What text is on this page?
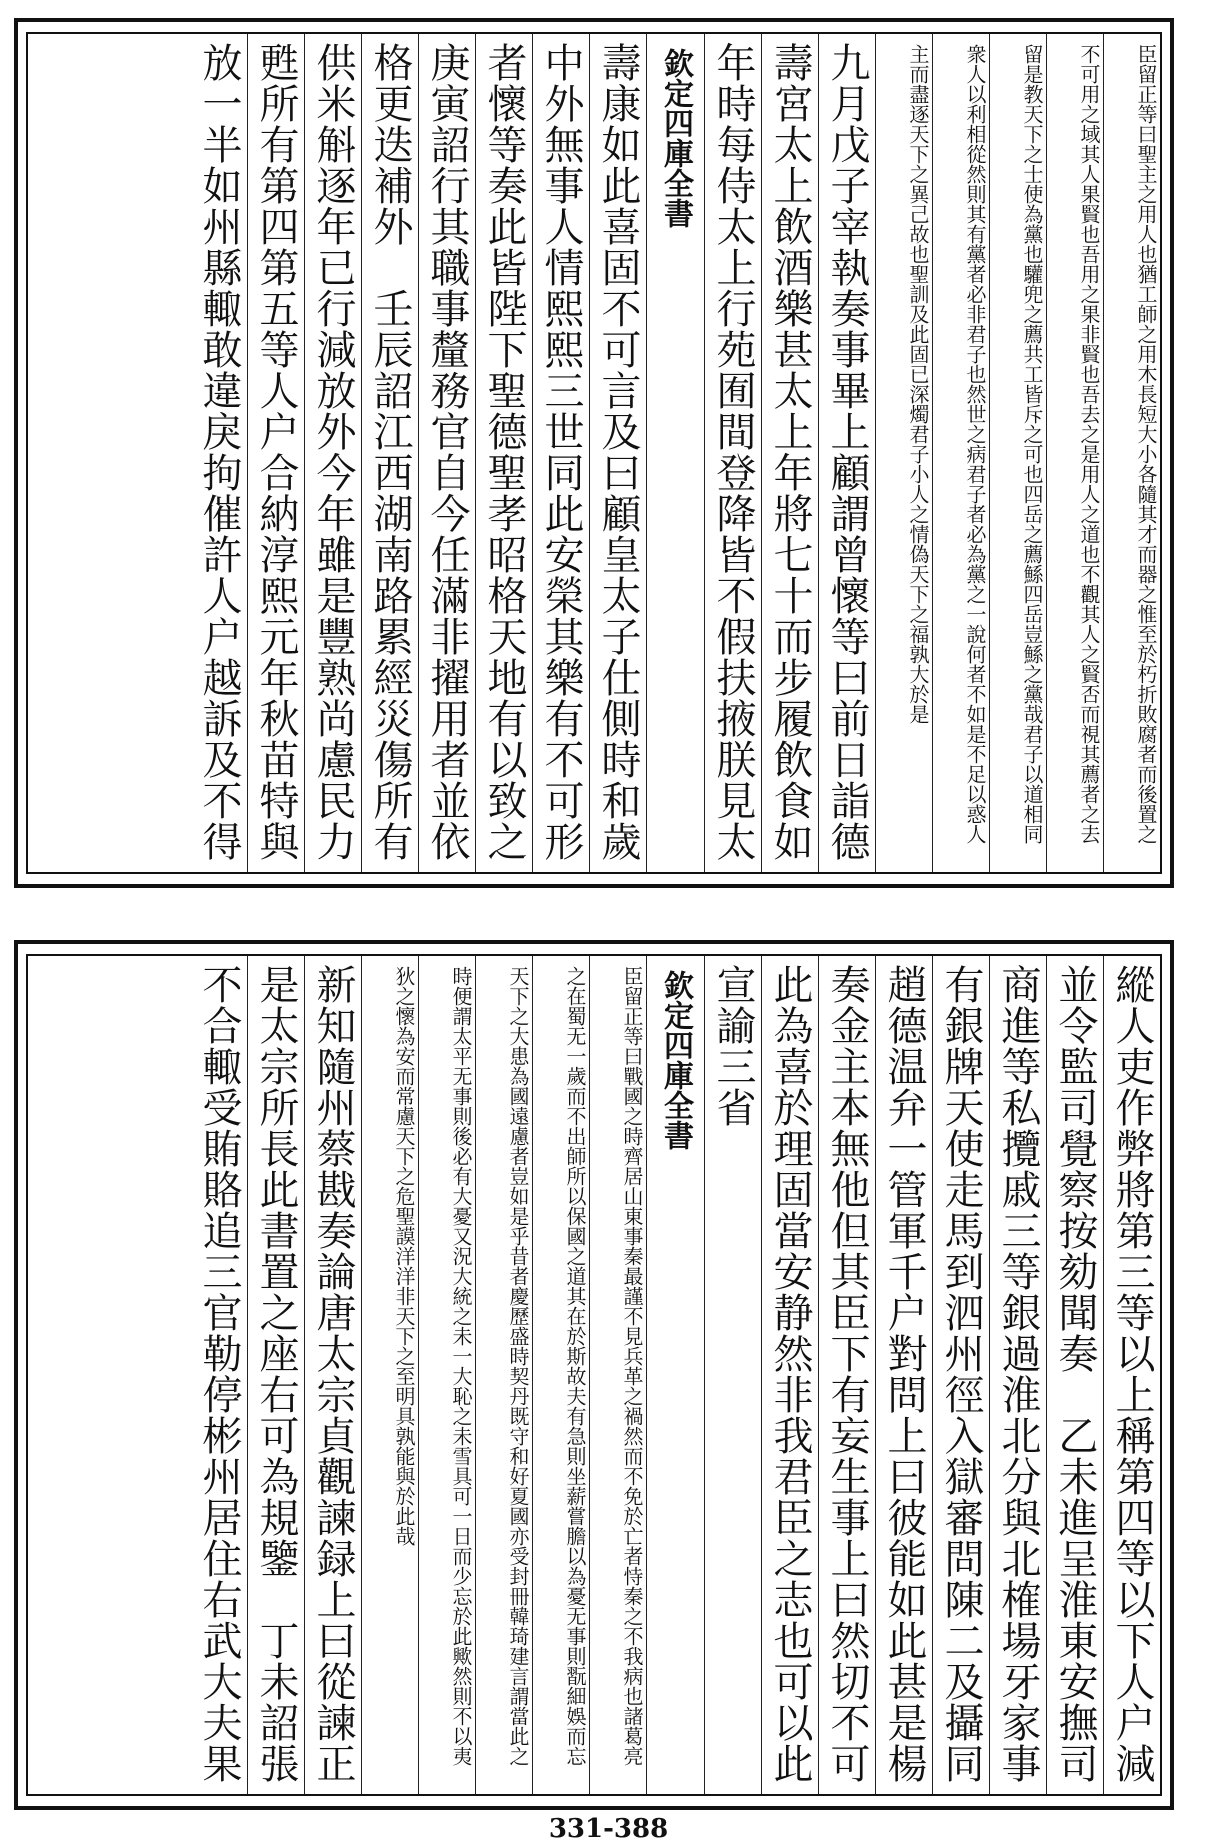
臣留正等曰聖主之用人也猶工師之用木長短大小各隨其才而器之惟至於朽折敗腐者而後置之
不可用之域其人果賢也吾用之果非賢也吾去之是用人之道也不觀其人之賢否而視其薦者之去
留是教天下之士使為黨也驩兜之薦共工皆斥之可也四岳之薦鯀四岳豈鯀之黨哉君子以道相同
衆人以利相從然則其有黨者必非君子也然世之病君子者必為黨之一說何者不如是不足以惑人
主而盡逐天下之異己故也聖訓及此固已深燭君子小人之情偽天下之福孰大於是
九月戊子宰執奏事畢上顧謂曾懷等曰前日詣德
壽宮太上飲酒樂甚太上年將七十而步履飲食如
年時每侍太上行苑囿間登降皆不假扶掖朕見太
欽定四庫全書
壽康如此喜固不可言及曰顧皇太子仕側時和歲
中外無事人情熙熙三世同此安榮其樂有不可形
者懷等奏此皆陛下聖德聖孝昭格天地有以致之
庚寅詔行其職事釐務官自今任滿非擢用者並依
格更迭補外　壬辰詔江西湖南路累經災傷所有
供米斛逐年已行減放外今年雖是豐熟尚慮民力
甦所有第四第五等人户合納淳熙元年秋苗特與
放一半如州縣輙敢違戾拘催許人户越訴及不得
縱人吏作弊將第三等以上稱第四等以下人户減
並令監司覺察按劾聞奏　乙未進呈淮東安撫司
商進等私攬戚三等銀過淮北分與北榷場牙家事
有銀牌天使走馬到泗州徑入獄審問陳二及攝同
趙德温弁一管軍千户對問上曰彼能如此甚是楊
奏金主本無他但其臣下有妄生事上曰然切不可
此為喜於理固當安静然非我君臣之志也可以此
宣諭三省
欽定四庫全書
臣留正等曰戰國之時齊居山東事秦最謹不見兵革之禍然而不免於亡者恃秦之不我病也諸葛亮
之在蜀无一歲而不出師所以保國之道其在於斯故夫有急則坐薪嘗膽以為憂无事則翫細娛而忘
天下之大患為國遠慮者豈如是乎昔者慶歷盛時契丹既守和好夏國亦受封冊韓琦建言謂當此之
時便謂太平无事則後必有大憂又況大統之未一大恥之未雪具可一日而少忘於此歟然則不以夷
狄之懷為安而常慮天下之危聖謨洋洋非天下之至明具孰能與於此哉
新知隨州蔡戡奏論唐太宗貞觀諫録上曰從諫正
是太宗所長此書置之座右可為規鑒　丁未詔張
不合輙受賄賂追三官勒停彬州居住右武大夫果
331-388
